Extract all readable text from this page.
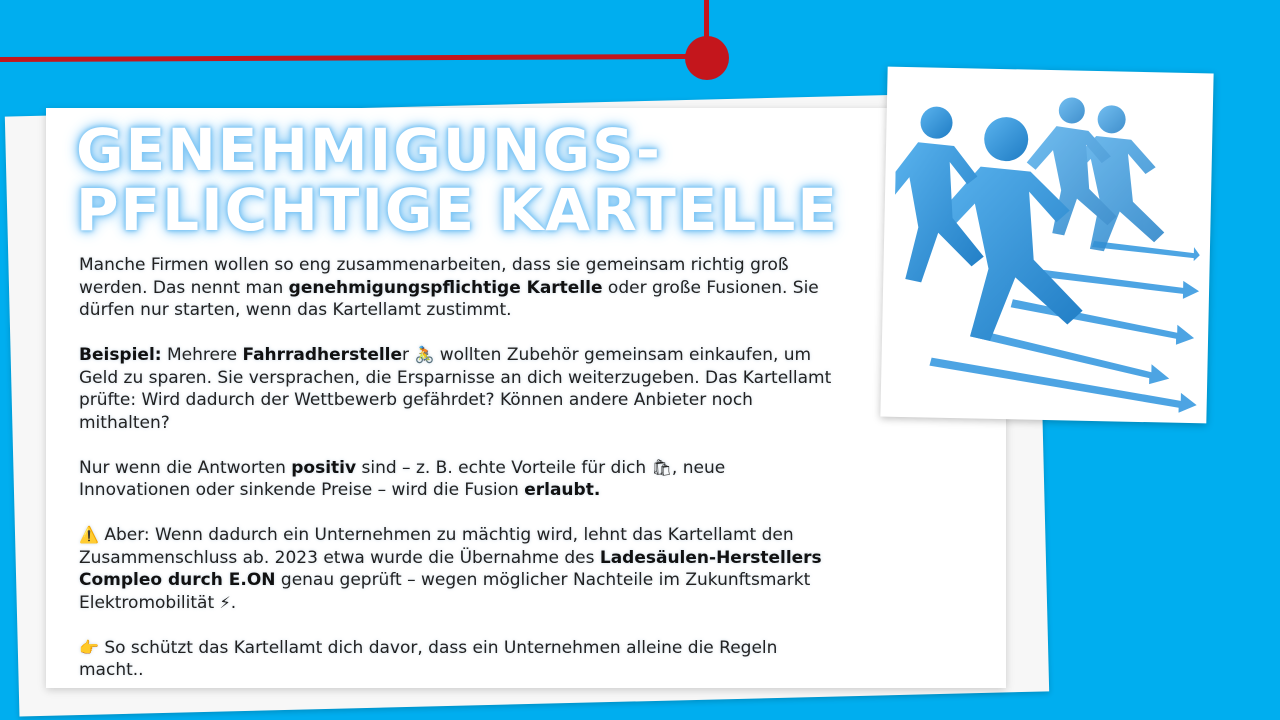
GENEHMIGUNGS-
PFLICHTIGE KARTELLE

Manche Firmen wollen so eng zusammenarbeiten, dass sie gemeinsam richtig groß werden. Das nennt man genehmigungspflichtige Kartelle oder große Fusionen. Sie dürfen nur starten, wenn das Kartellamt zustimmt.

Beispiel: Mehrere Fahrradhersteller 🚴 wollten Zubehör gemeinsam einkaufen, um Geld zu sparen. Sie versprachen, die Ersparnisse an dich weiterzugeben. Das Kartellamt prüfte: Wird dadurch der Wettbewerb gefährdet? Können andere Anbieter noch mithalten?

Nur wenn die Antworten positiv sind – z. B. echte Vorteile für dich 🛍, neue Innovationen oder sinkende Preise – wird die Fusion erlaubt.

⚠️ Aber: Wenn dadurch ein Unternehmen zu mächtig wird, lehnt das Kartellamt den Zusammenschluss ab. 2023 etwa wurde die Übernahme des Ladesäulen-Herstellers Compleo durch E.ON genau geprüft – wegen möglicher Nachteile im Zukunftsmarkt Elektromobilität ⚡.

👉 So schützt das Kartellamt dich davor, dass ein Unternehmen alleine die Regeln macht..
